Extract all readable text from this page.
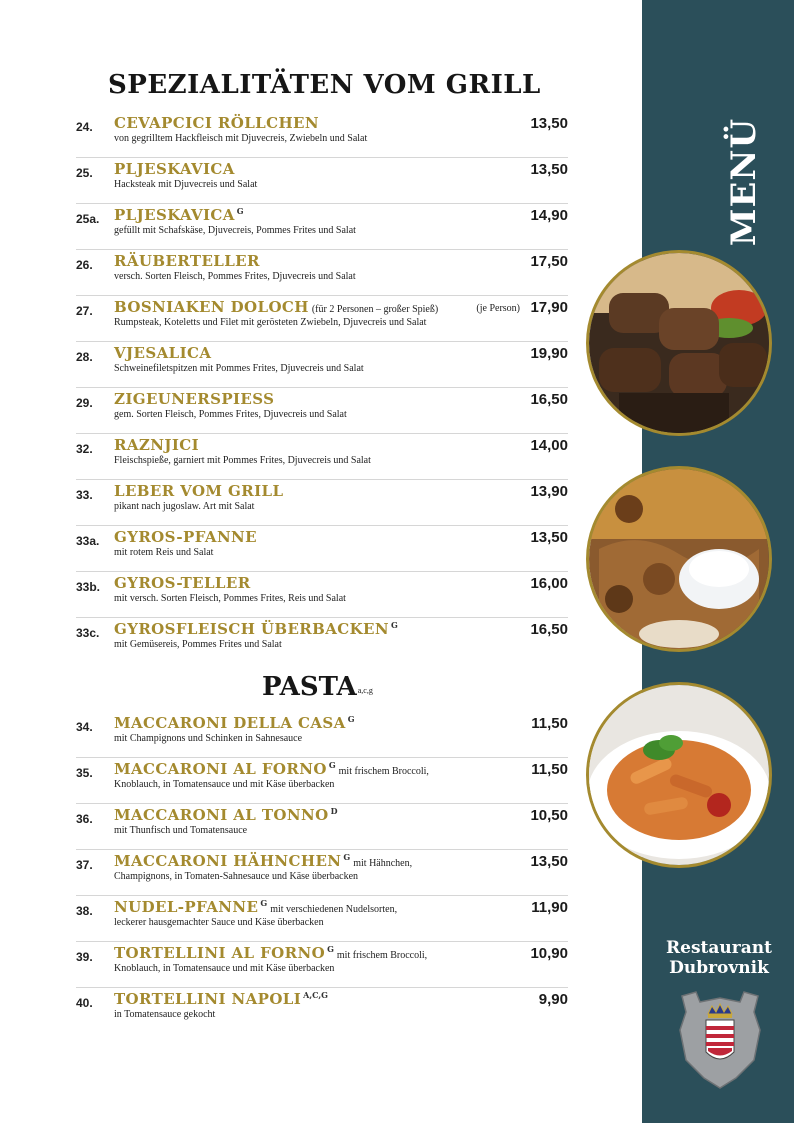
MENÜ
Restaurant
Dubrovnik
SPEZIALITÄTEN VOM GRILL
24. CEVAPCICI RÖLLCHEN
von gegrilltem Hackfleisch mit Djuvecreis, Zwiebeln und Salat
13,50
25. PLJESKAVICA
Hacksteak mit Djuvecreis und Salat
13,50
25a. PLJESKAVICA $^G$
gefüllt mit Schafskäse, Djuvecreis, Pommes Frites und Salat
14,90
26. RÄUBERTELLER
versch. Sorten Fleisch, Pommes Frites, Djuvecreis und Salat
17,50
27. BOSNIAKEN DOLOCH (für 2 Personen – großer Spieß)	(je Person)
Rumpsteak, Koteletts und Filet mit gerösteten Zwiebeln, Djuvecreis und Salat
17,90
28. VJESALICA
Schweinefiletspitzen mit Pommes Frites, Djuvecreis und Salat
19,90
29. ZIGEUNERSPIESS
gem. Sorten Fleisch, Pommes Frites, Djuvecreis und Salat
16,50
32. RAZNJICI
Fleischspieße, garniert mit Pommes Frites, Djuvecreis und Salat
14,00
33. LEBER VOM GRILL
pikant nach jugoslaw. Art mit Salat
13,90
33a. GYROS-PFANNE
mit rotem Reis und Salat
13,50
33b. GYROS-TELLER
mit versch. Sorten Fleisch, Pommes Frites, Reis und Salat
16,00
33c. GYROSFLEISCH ÜBERBACKEN $^G$
mit Gemüsereis, Pommes Frites und Salat
16,50
PASTA$^{a,c,g}$
34. MACCARONI DELLA CASA $^G$
mit Champignons und Schinken in Sahnesauce
11,50
35. MACCARONI AL FORNO $^G$mit frischem Broccoli,
Knoblauch, in Tomatensauce und mit Käse überbacken
11,50
36. MACCARONI AL TONNO $^D$
mit Thunfisch und Tomatensauce
10,50
37. MACCARONI HÄHNCHEN $^G$mit Hähnchen,
Champignons, in Tomaten-Sahnesauce und Käse überbacken
13,50
38. NUDEL-PFANNE $^G$mit verschiedenen Nudelsorten,
leckerer hausgemachter Sauce und Käse überbacken
11,90
39. TORTELLINI AL FORNO $^G$mit frischem Broccoli,
Knoblauch, in Tomatensauce und mit Käse überbacken
10,90
40. TORTELLINI NAPOLI $^{A,C,G}$
in Tomatensauce gekocht
9,90
